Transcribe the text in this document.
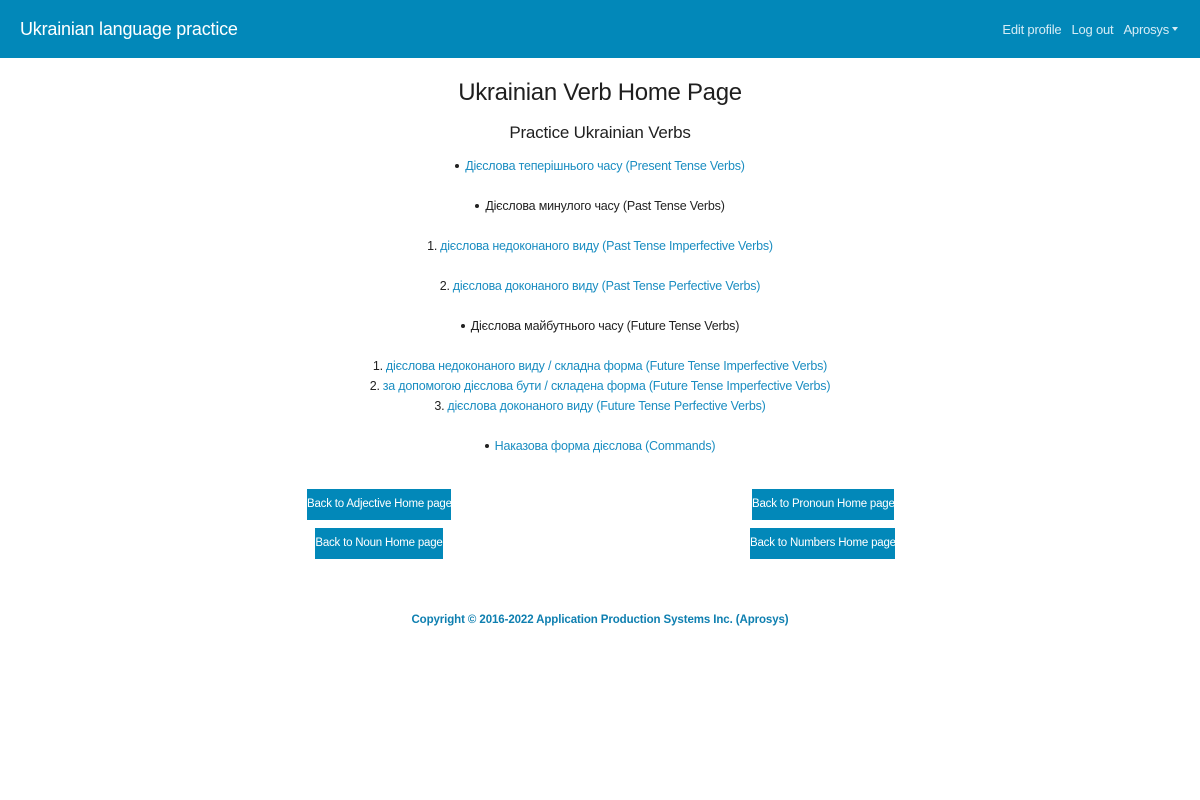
Ukrainian language practice	Edit profile Log out Aprosys
Ukrainian Verb Home Page
Practice Ukrainian Verbs
Дієслова теперішнього часу (Present Tense Verbs)
Дієслова минулого часу (Past Tense Verbs)
1. дієслова недоконаного виду (Past Tense Imperfective Verbs)
2. дієслова доконаного виду (Past Tense Perfective Verbs)
Дієслова майбутнього часу (Future Tense Verbs)
1. дієслова недоконаного виду / складна форма (Future Tense Imperfective Verbs)
2. за допомогою дієслова бути / складена форма (Future Tense Imperfective Verbs)
3. дієслова доконаного виду (Future Tense Perfective Verbs)
Наказова форма дієслова (Commands)
Back to Adjective Home page
Back to Noun Home page
Back to Pronoun Home page
Back to Numbers Home page
Copyright © 2016-2022 Application Production Systems Inc. (Aprosys)
